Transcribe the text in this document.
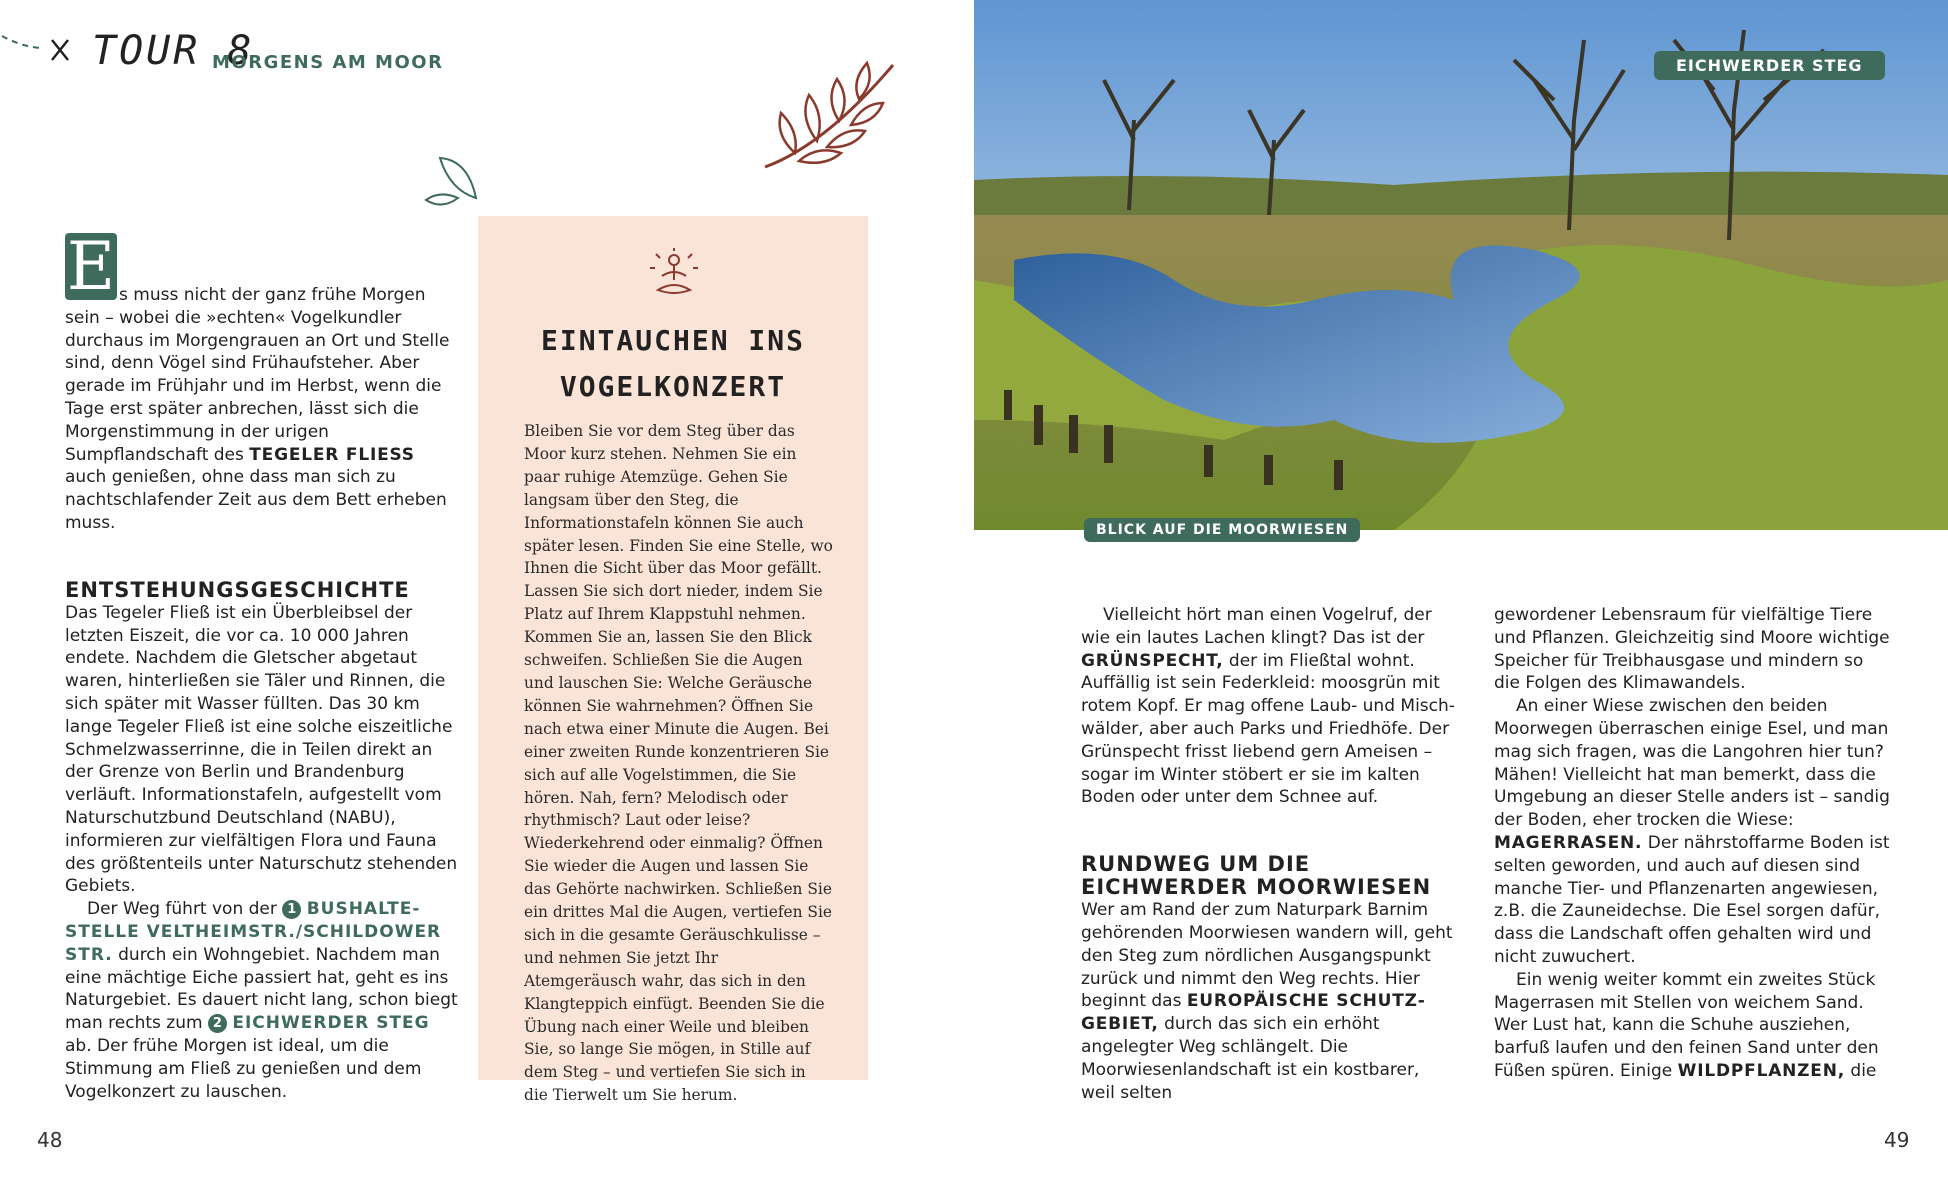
TOUR 8
MORGENS AM MOOR
E s muss nicht der ganz frühe Morgen sein – wobei die »echten« Vogelkundler durchaus im Morgengrauen an Ort und Stelle sind, denn Vögel sind Frühaufsteher. Aber gerade im Frühjahr und im Herbst, wenn die Tage erst später anbrechen, lässt sich die Morgenstimmung in der urigen Sumpflandschaft des TEGELER FLIESS auch genießen, ohne dass man sich zu nachtschlafender Zeit aus dem Bett erheben muss.

ENTSTEHUNGSGESCHICHTE

Das Tegeler Fließ ist ein Überbleibsel der letzten Eiszeit, die vor ca. 10 000 Jahren endete. Nachdem die Gletscher abgetaut waren, hinterließen sie Täler und Rinnen, die sich später mit Wasser füllten. Das 30 km lange Tegeler Fließ ist eine solche eiszeitliche Schmelzwasserrinne, die in Teilen direkt an der Grenze von Berlin und Brandenburg verläuft. Informationstafeln, aufgestellt vom Naturschutzbund Deutschland (NABU), informieren zur vielfältigen Flora und Fauna des größtenteils unter Naturschutz stehenden Gebiets.

Der Weg führt von der 1 BUSHALTESTELLE VELTHEIMSTR./SCHILDOWER STR. durch ein Wohngebiet. Nachdem man eine mächtige Eiche passiert hat, geht es ins Naturgebiet. Es dauert nicht lang, schon biegt man rechts zum 2 EICHWERDER STEG ab. Der frühe Morgen ist ideal, um die Stimmung am Fließ zu genießen und dem Vogelkonzert zu lauschen.

EINTAUCHEN INS
VOGELKONZERT
Bleiben Sie vor dem Steg über das Moor kurz stehen. Nehmen Sie ein paar ruhige Atemzüge. Gehen Sie langsam über den Steg, die Informationstafeln können Sie auch später lesen. Finden Sie eine Stelle, wo Ihnen die Sicht über das Moor gefällt. Lassen Sie sich dort nieder, indem Sie Platz auf Ihrem Klappstuhl nehmen. Kommen Sie an, lassen Sie den Blick schweifen. Schließen Sie die Augen und lauschen Sie: Welche Geräusche können Sie wahrnehmen? Öffnen Sie nach etwa einer Minute die Augen. Bei einer zweiten Runde konzentrieren Sie sich auf alle Vogelstimmen, die Sie hören. Nah, fern? Melodisch oder rhythmisch? Laut oder leise? Wiederkehrend oder einmalig? Öffnen Sie wieder die Augen und lassen Sie das Gehörte nachwirken. Schließen Sie ein drittes Mal die Augen, vertiefen Sie sich in die gesamte Geräuschkulisse – und nehmen Sie jetzt Ihr Atemgeräusch wahr, das sich in den Klangteppich einfügt. Beenden Sie die Übung nach einer Weile und bleiben Sie, so lange Sie mögen, in Stille auf dem Steg – und vertiefen Sie sich in die Tierwelt um Sie herum.
EICHWERDER STEG
BLICK AUF DIE MOORWIESEN

Vielleicht hört man einen Vogelruf, der wie ein lautes Lachen klingt? Das ist der GRÜNSPECHT, der im Fließtal wohnt. Auffällig ist sein Federkleid: moosgrün mit rotem Kopf. Er mag offene Laub- und Mischwälder, aber auch Parks und Friedhöfe. Der Grünspecht frisst liebend gern Ameisen – sogar im Winter stöbert er sie im kalten Boden oder unter dem Schnee auf.

RUNDWEG UM DIE EICHWERDER MOORWIESEN

Wer am Rand der zum Naturpark Barnim gehörenden Moorwiesen wandern will, geht den Steg zum nördlichen Ausgangspunkt zurück und nimmt den Weg rechts. Hier beginnt das EUROPÄISCHE SCHUTZGEBIET, durch das sich ein erhöht angelegter Weg schlängelt. Die Moorwiesenlandschaft ist ein kostbarer, weil selten

gewordener Lebensraum für vielfältige Tiere und Pflanzen. Gleichzeitig sind Moore wichtige Speicher für Treibhausgase und mindern so die Folgen des Klimawandels.

An einer Wiese zwischen den beiden Moorwegen überraschen einige Esel, und man mag sich fragen, was die Langohren hier tun? Mähen! Vielleicht hat man bemerkt, dass die Umgebung an dieser Stelle anders ist – sandig der Boden, eher trocken die Wiese: MAGERRASEN. Der nährstoffarme Boden ist selten geworden, und auch auf diesen sind manche Tier- und Pflanzenarten angewiesen, z.B. die Zauneidechse. Die Esel sorgen dafür, dass die Landschaft offen gehalten wird und nicht zuwuchert.

Ein wenig weiter kommt ein zweites Stück Magerrasen mit Stellen von weichem Sand. Wer Lust hat, kann die Schuhe ausziehen, barfuß laufen und den feinen Sand unter den Füßen spüren. Einige WILDPFLANZEN, die

48	49
